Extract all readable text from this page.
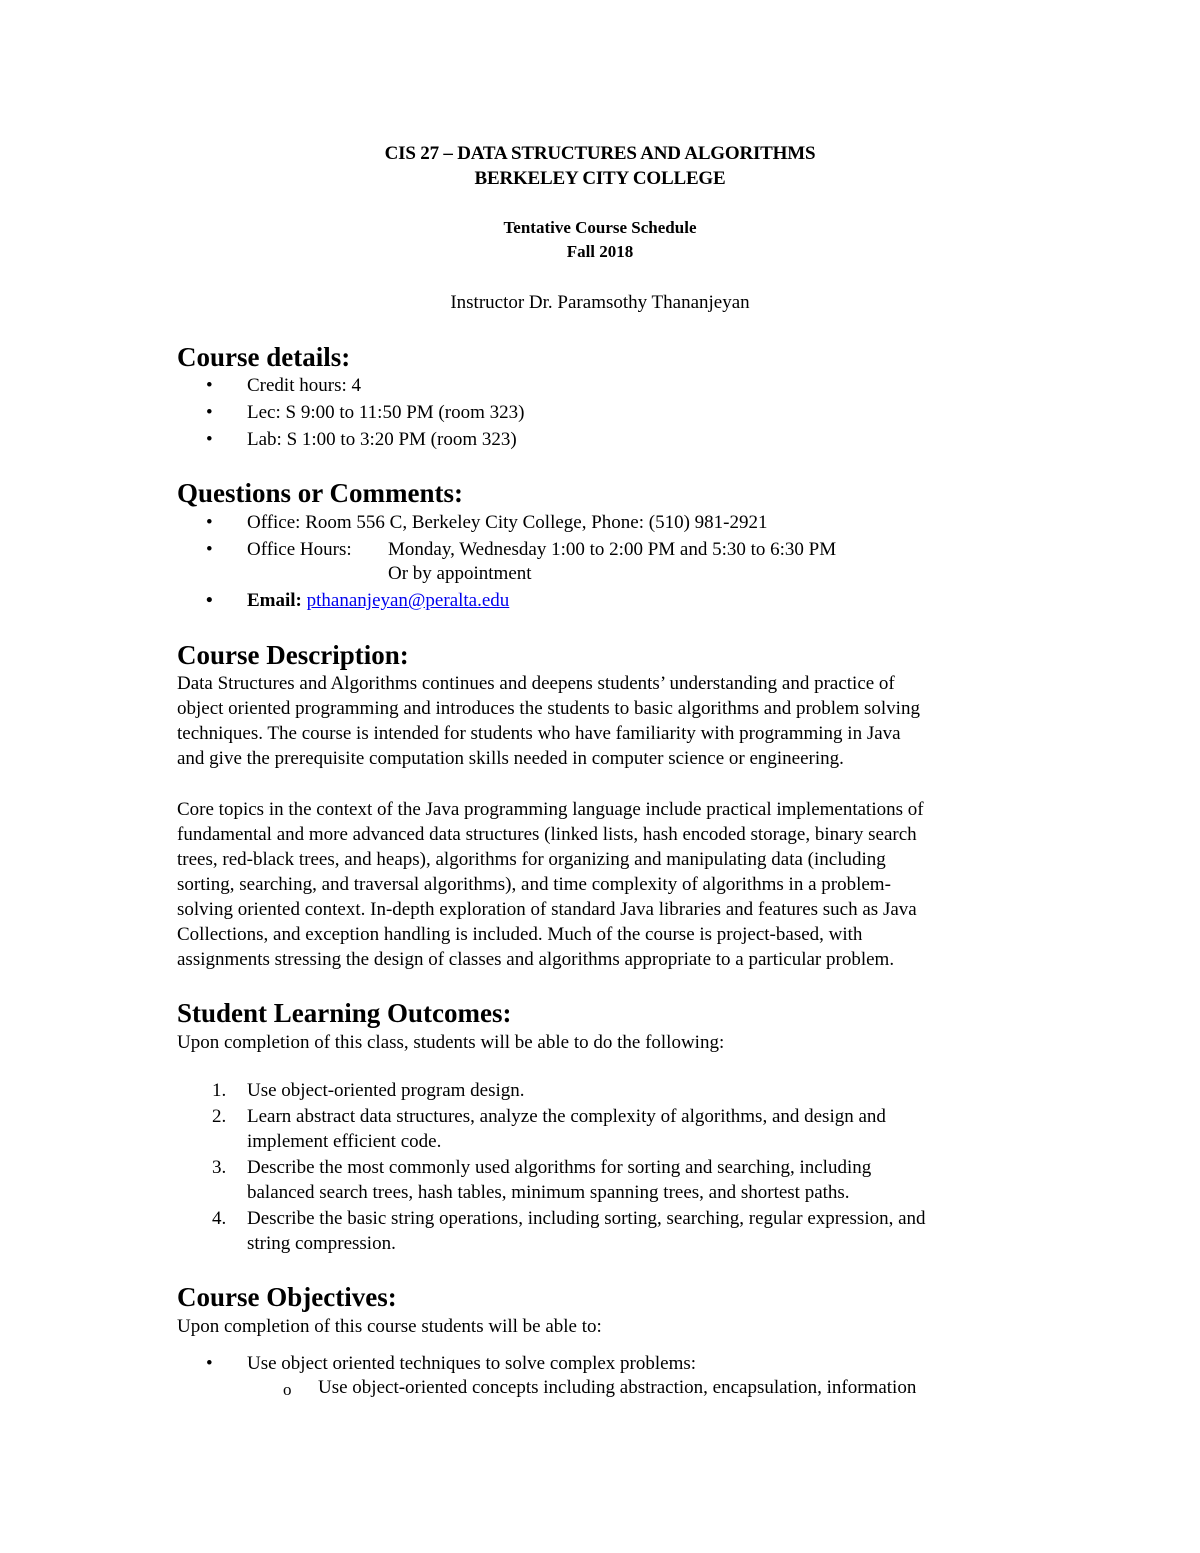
CIS 27 – DATA STRUCTURES AND ALGORITHMS
BERKELEY CITY COLLEGE
Tentative Course Schedule
Fall 2018
Instructor Dr. Paramsothy Thananjeyan
Course details:
• Credit hours: 4
• Lec: S 9:00 to 11:50 PM (room 323)
• Lab: S 1:00 to 3:20 PM (room 323)
Questions or Comments:
• Office: Room 556 C, Berkeley City College, Phone: (510) 981-2921
• Office Hours: Monday, Wednesday 1:00 to 2:00 PM and 5:30 to 6:30 PM
Or by appointment
• Email: pthananjeyan@peralta.edu
Course Description:
Data Structures and Algorithms continues and deepens students’ understanding and practice of
object oriented programming and introduces the students to basic algorithms and problem solving
techniques. The course is intended for students who have familiarity with programming in Java
and give the prerequisite computation skills needed in computer science or engineering.
Core topics in the context of the Java programming language include practical implementations of
fundamental and more advanced data structures (linked lists, hash encoded storage, binary search
trees, red-black trees, and heaps), algorithms for organizing and manipulating data (including
sorting, searching, and traversal algorithms), and time complexity of algorithms in a problem-
solving oriented context. In-depth exploration of standard Java libraries and features such as Java
Collections, and exception handling is included. Much of the course is project-based, with
assignments stressing the design of classes and algorithms appropriate to a particular problem.
Student Learning Outcomes:
Upon completion of this class, students will be able to do the following:
1. Use object-oriented program design.
2. Learn abstract data structures, analyze the complexity of algorithms, and design and
implement efficient code.
3. Describe the most commonly used algorithms for sorting and searching, including
balanced search trees, hash tables, minimum spanning trees, and shortest paths.
4. Describe the basic string operations, including sorting, searching, regular expression, and
string compression.
Course Objectives:
Upon completion of this course students will be able to:
• Use object oriented techniques to solve complex problems:
o Use object-oriented concepts including abstraction, encapsulation, information
